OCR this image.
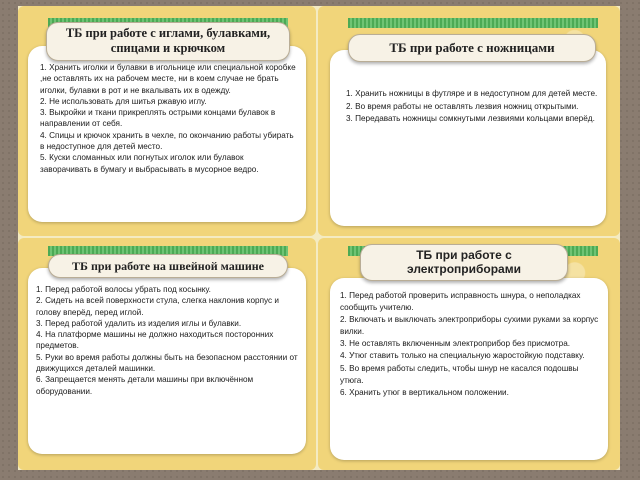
ТБ при работе с иглами, булавками, спицами и крючком

1. Хранить иголки и булавки в игольнице или специальной коробке ,не оставлять их на рабочем месте, ни в коем случае не брать иголки, булавки в рот и не вкалывать их в одежду.

2. Не использовать для шитья ржавую иглу.

3. Выкройки и ткани прикреплять острыми концами булавок в направлении от себя.

4. Спицы и крючок хранить в чехле, по окончанию работы убирать в недоступное для детей место.

5. Куски сломанных или погнутых иголок или булавок заворачивать в бумагу и выбрасывать в мусорное ведро.

ТБ при работе с ножницами

1. Хранить ножницы в футляре и в недоступном для детей месте.

2. Во время работы не оставлять лезвия ножниц открытыми.

3. Передавать ножницы сомкнутыми лезвиями кольцами вперёд.

ТБ при работе на швейной машине

1. Перед работой волосы убрать под косынку.

2. Сидеть на всей поверхности стула, слегка наклонив корпус и голову вперёд, перед иглой.

3. Перед работой удалить из изделия иглы и булавки.

4. На платформе машины не должно находиться посторонних предметов.

5. Руки во время работы должны быть на безопасном расстоянии от движущихся деталей машинки.

6. Запрещается менять детали машины при включённом оборудовании.

ТБ при работе с электроприборами

1. Перед работой проверить исправность шнура, о неполадках сообщить учителю.

2. Включать и выключать электроприборы сухими руками за корпус вилки.

3. Не оставлять включенным электроприбор без присмотра.

4. Утюг ставить только на специальную жаростойкую подставку.

5. Во время работы следить, чтобы шнур не касался подошвы утюга.

6. Хранить утюг в вертикальном положении.

Активация Wi
Чтобы активирова
раздел "Параметр
